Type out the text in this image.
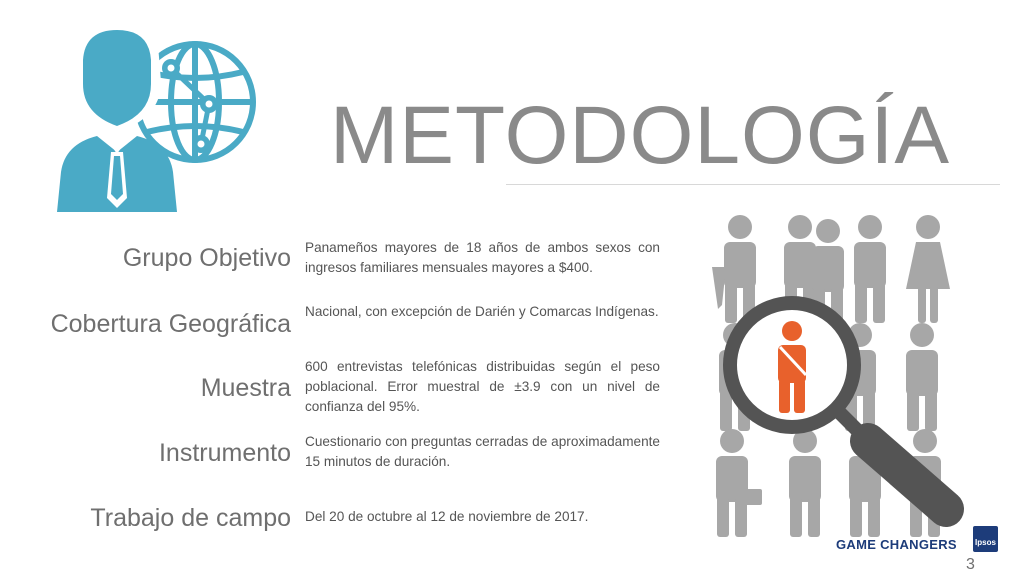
METODOLOGÍA
Grupo Objetivo Panameños mayores de 18 años de ambos sexos con ingresos familiares mensuales mayores a $400.
Cobertura Geográfica Nacional, con excepción de Darién y Comarcas Indígenas.
Muestra
600 entrevistas telefónicas distribuidas según el peso poblacional. Error muestral de ±3.9 con un nivel de confianza del 95%.
Instrumento Cuestionario con preguntas cerradas de aproximadamente 15 minutos de duración.
Trabajo de campo Del 20 de octubre al 12 de noviembre de 2017.
GAME CHANGERS Ipsos
3
